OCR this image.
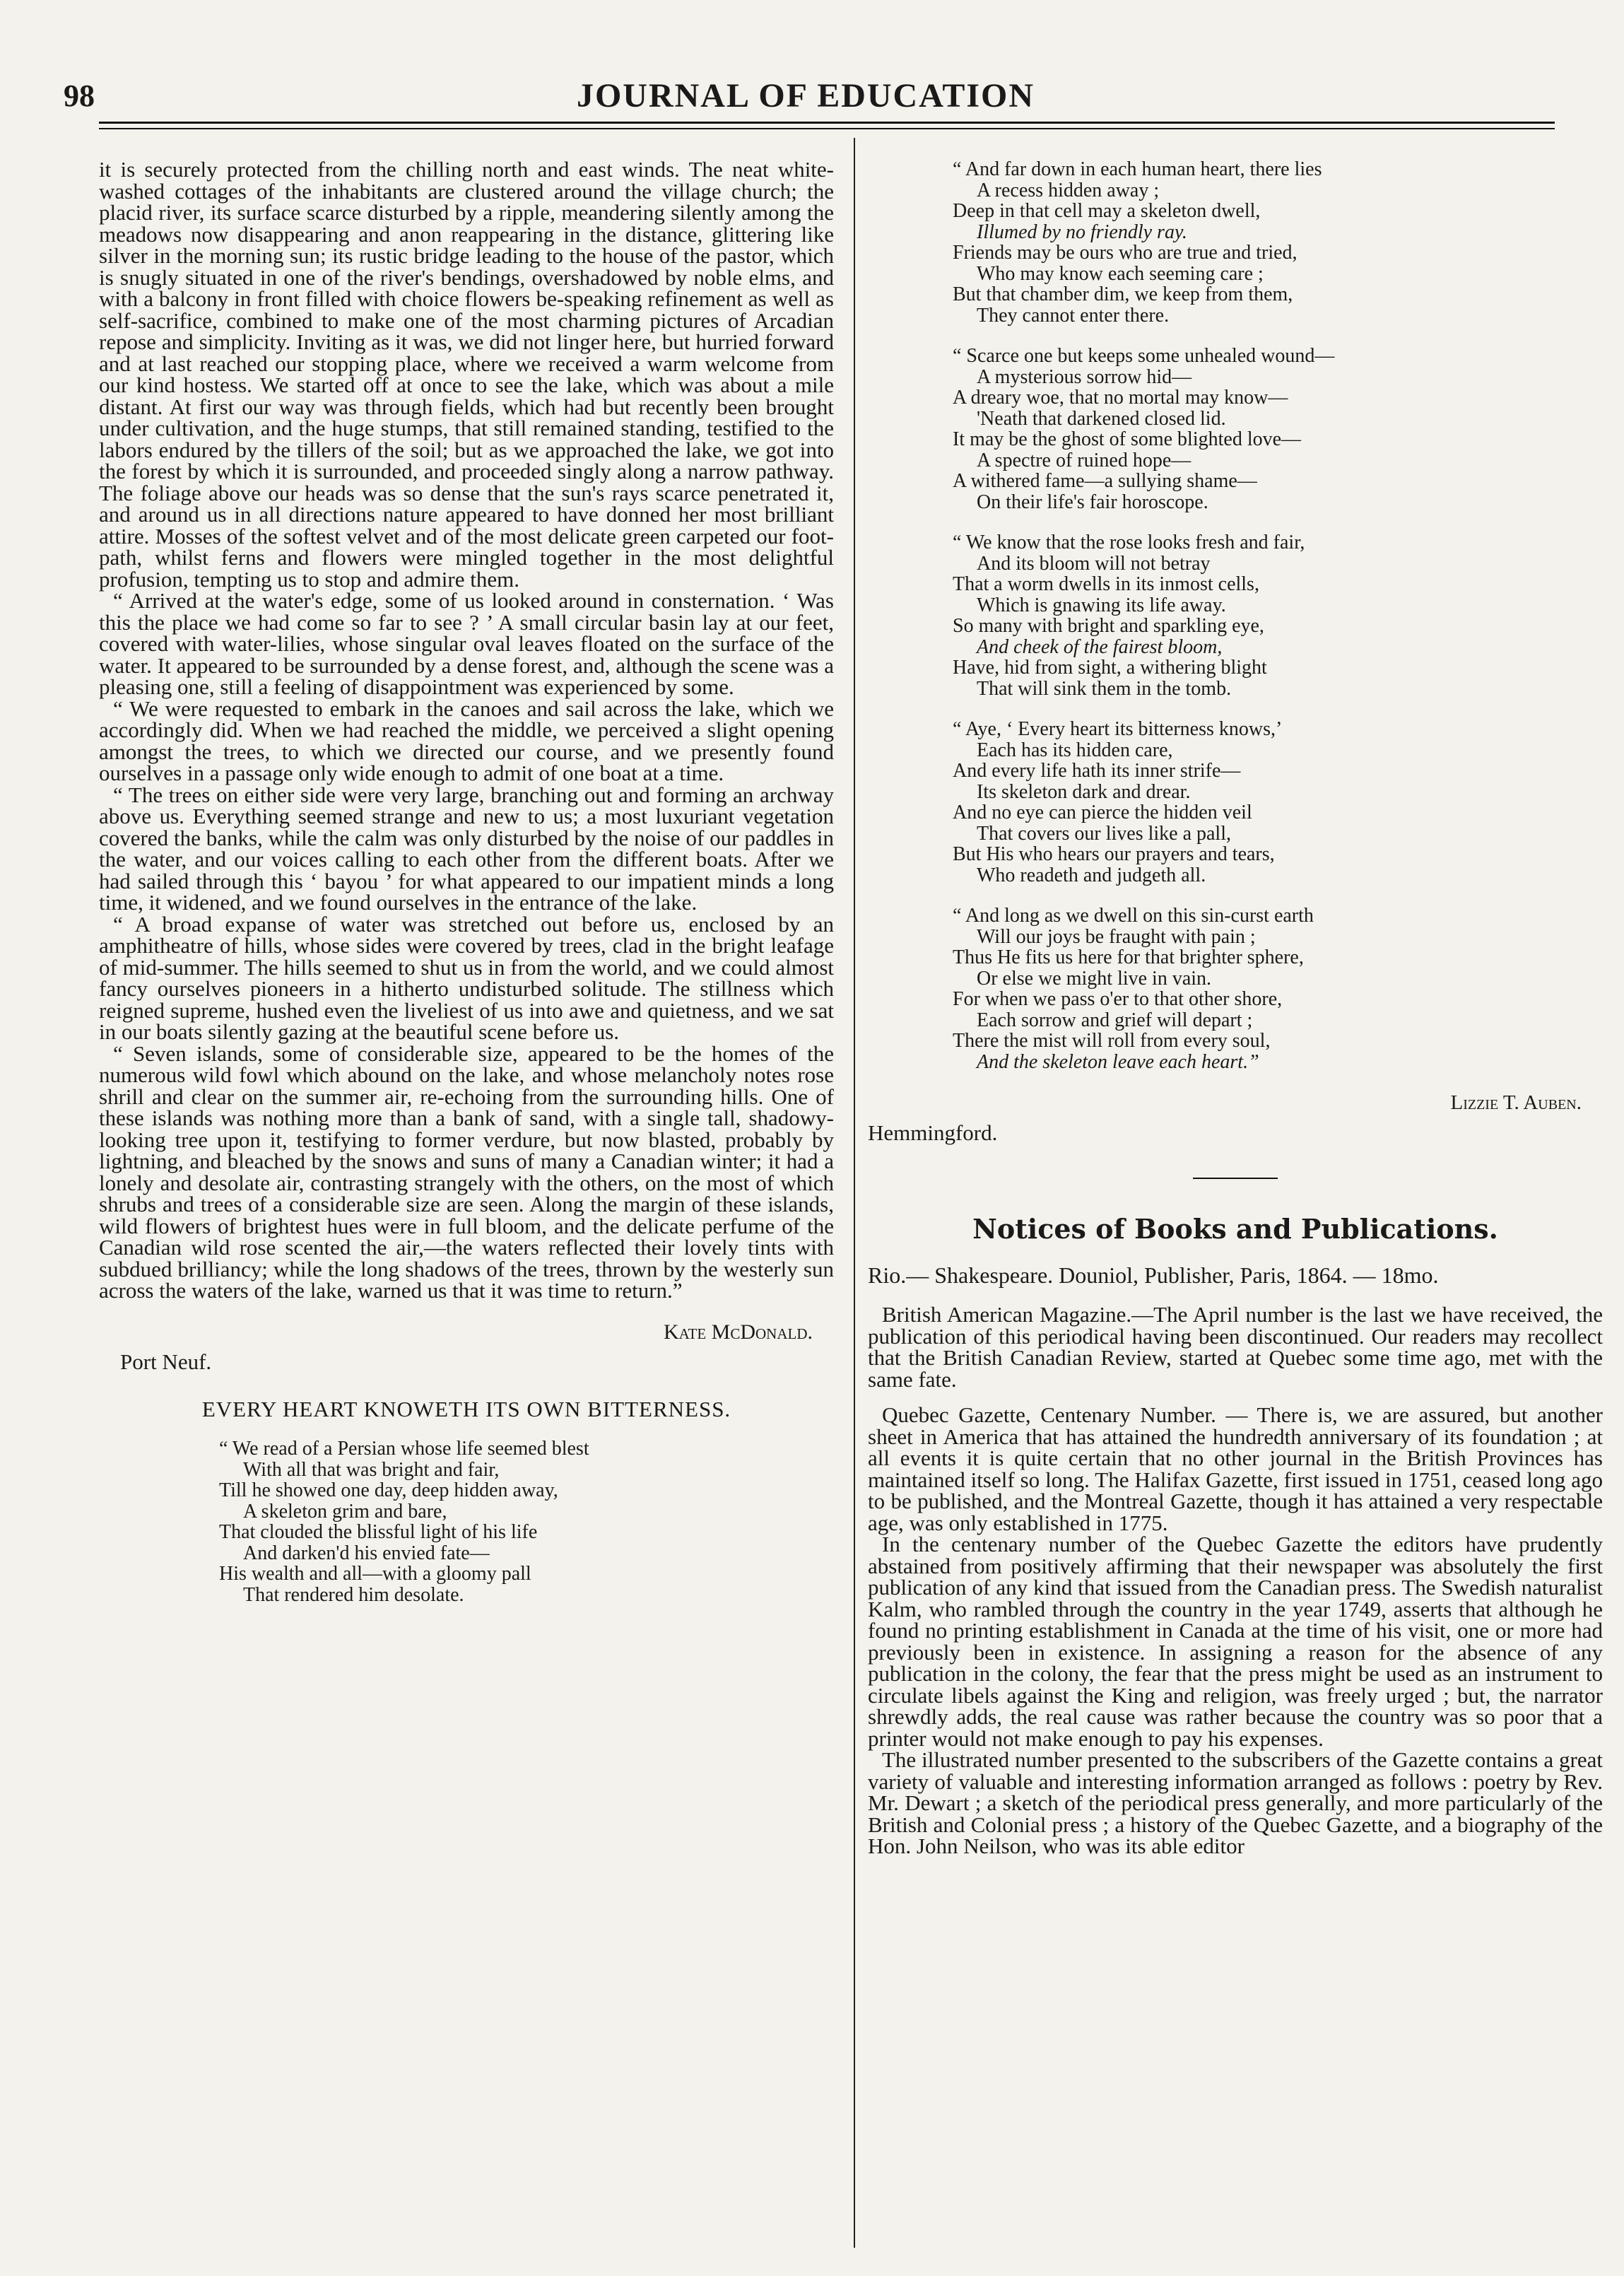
98	JOURNAL OF EDUCATION

it is securely protected from the chilling north and east winds. The neat white-washed cottages of the inhabitants are clustered around the village church; the placid river, its surface scarce disturbed by a ripple, meandering silently among the meadows now disappearing and anon reappearing in the distance, glittering like silver in the morning sun; its rustic bridge leading to the house of the pastor, which is snugly situated in one of the river's bendings, overshadowed by noble elms, and with a balcony in front filled with choice flowers be-speaking refinement as well as self-sacrifice, combined to make one of the most charming pictures of Arcadian repose and simplicity. Inviting as it was, we did not linger here, but hurried forward and at last reached our stopping place, where we received a warm welcome from our kind hostess. We started off at once to see the lake, which was about a mile distant. At first our way was through fields, which had but recently been brought under cultivation, and the huge stumps, that still remained standing, testified to the labors endured by the tillers of the soil; but as we approached the lake, we got into the forest by which it is surrounded, and proceeded singly along a narrow pathway. The foliage above our heads was so dense that the sun's rays scarce penetrated it, and around us in all directions nature appeared to have donned her most brilliant attire. Mosses of the softest velvet and of the most delicate green carpeted our foot-path, whilst ferns and flowers were mingled together in the most delightful profusion, tempting us to stop and admire them.

“ Arrived at the water's edge, some of us looked around in consternation. ‘ Was this the place we had come so far to see ? ’ A small circular basin lay at our feet, covered with water-lilies, whose singular oval leaves floated on the surface of the water. It appeared to be surrounded by a dense forest, and, although the scene was a pleasing one, still a feeling of disappointment was experienced by some.

“ We were requested to embark in the canoes and sail across the lake, which we accordingly did. When we had reached the middle, we perceived a slight opening amongst the trees, to which we directed our course, and we presently found ourselves in a passage only wide enough to admit of one boat at a time.

“ The trees on either side were very large, branching out and forming an archway above us. Everything seemed strange and new to us; a most luxuriant vegetation covered the banks, while the calm was only disturbed by the noise of our paddles in the water, and our voices calling to each other from the different boats. After we had sailed through this ‘ bayou ’ for what appeared to our impatient minds a long time, it widened, and we found ourselves in the entrance of the lake.

“ A broad expanse of water was stretched out before us, enclosed by an amphitheatre of hills, whose sides were covered by trees, clad in the bright leafage of mid-summer. The hills seemed to shut us in from the world, and we could almost fancy ourselves pioneers in a hitherto undisturbed solitude. The stillness which reigned supreme, hushed even the liveliest of us into awe and quietness, and we sat in our boats silently gazing at the beautiful scene before us.

“ Seven islands, some of considerable size, appeared to be the homes of the numerous wild fowl which abound on the lake, and whose melancholy notes rose shrill and clear on the summer air, re-echoing from the surrounding hills. One of these islands was nothing more than a bank of sand, with a single tall, shadowy-looking tree upon it, testifying to former verdure, but now blasted, probably by lightning, and bleached by the snows and suns of many a Canadian winter; it had a lonely and desolate air, contrasting strangely with the others, on the most of which shrubs and trees of a considerable size are seen. Along the margin of these islands, wild flowers of brightest hues were in full bloom, and the delicate perfume of the Canadian wild rose scented the air,—the waters reflected their lovely tints with subdued brilliancy; while the long shadows of the trees, thrown by the westerly sun across the waters of the lake, warned us that it was time to return.”

Kate McDonald.
Port Neuf.
EVERY HEART KNOWETH ITS OWN BITTERNESS.
“ We read of a Persian whose life seemed blest
With all that was bright and fair,
Till he showed one day, deep hidden away,
A skeleton grim and bare,
That clouded the blissful light of his life
And darken'd his envied fate—
His wealth and all—with a gloomy pall
That rendered him desolate.
“ And far down in each human heart, there lies
A recess hidden away ;
Deep in that cell may a skeleton dwell,
Illumed by no friendly ray.
Friends may be ours who are true and tried,
Who may know each seeming care ;
But that chamber dim, we keep from them,
They cannot enter there.
“ Scarce one but keeps some unhealed wound—
A mysterious sorrow hid—
A dreary woe, that no mortal may know—
'Neath that darkened closed lid.
It may be the ghost of some blighted love—
A spectre of ruined hope—
A withered fame—a sullying shame—
On their life's fair horoscope.
“ We know that the rose looks fresh and fair,
And its bloom will not betray
That a worm dwells in its inmost cells,
Which is gnawing its life away.
So many with bright and sparkling eye,
And cheek of the fairest bloom,
Have, hid from sight, a withering blight
That will sink them in the tomb.
“ Aye, ‘ Every heart its bitterness knows,’
Each has its hidden care,
And every life hath its inner strife—
Its skeleton dark and drear.
And no eye can pierce the hidden veil
That covers our lives like a pall,
But His who hears our prayers and tears,
Who readeth and judgeth all.
“ And long as we dwell on this sin-curst earth
Will our joys be fraught with pain ;
Thus He fits us here for that brighter sphere,
Or else we might live in vain.
For when we pass o'er to that other shore,
Each sorrow and grief will depart ;
There the mist will roll from every soul,
And the skeleton leave each heart.”
Lizzie T. Auben.
Hemmingford.
Notices of Books and Publications.
Rio.— Shakespeare. Douniol, Publisher, Paris, 1864. — 18mo.

British American Magazine.—The April number is the last we have received, the publication of this periodical having been discontinued. Our readers may recollect that the British Canadian Review, started at Quebec some time ago, met with the same fate.

Quebec Gazette, Centenary Number. — There is, we are assured, but another sheet in America that has attained the hundredth anniversary of its foundation ; at all events it is quite certain that no other journal in the British Provinces has maintained itself so long. The Halifax Gazette, first issued in 1751, ceased long ago to be published, and the Montreal Gazette, though it has attained a very respectable age, was only established in 1775.

In the centenary number of the Quebec Gazette the editors have prudently abstained from positively affirming that their newspaper was absolutely the first publication of any kind that issued from the Canadian press. The Swedish naturalist Kalm, who rambled through the country in the year 1749, asserts that although he found no printing establishment in Canada at the time of his visit, one or more had previously been in existence. In assigning a reason for the absence of any publication in the colony, the fear that the press might be used as an instrument to circulate libels against the King and religion, was freely urged ; but, the narrator shrewdly adds, the real cause was rather because the country was so poor that a printer would not make enough to pay his expenses.

The illustrated number presented to the subscribers of the Gazette contains a great variety of valuable and interesting information arranged as follows : poetry by Rev. Mr. Dewart ; a sketch of the periodical press generally, and more particularly of the British and Colonial press ; a history of the Quebec Gazette, and a biography of the Hon. John Neilson, who was its able editor
